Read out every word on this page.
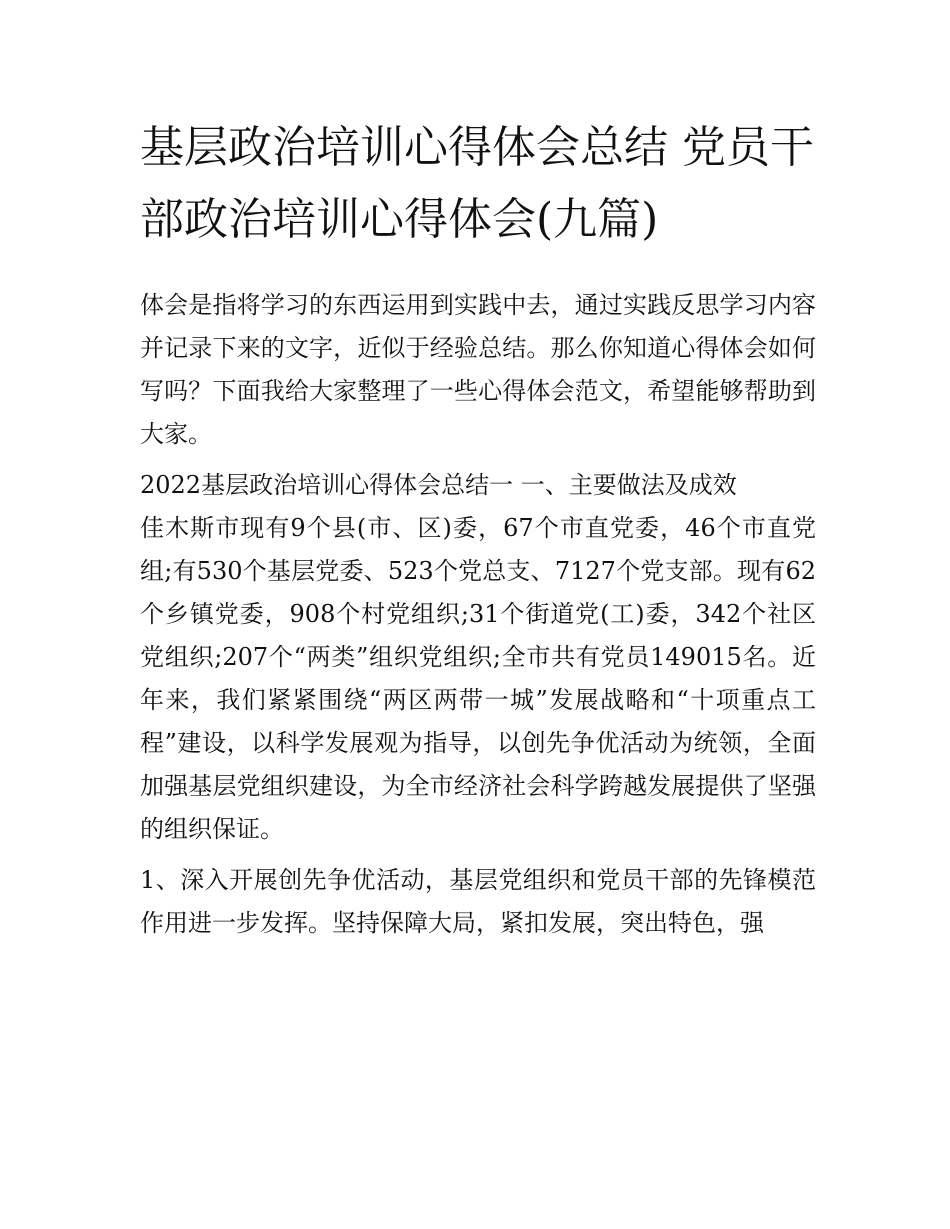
基层政治培训心得体会总结 党员干部政治培训心得体会(九篇)

体会是指将学习的东西运用到实践中去，通过实践反思学习内容并记录下来的文字，近似于经验总结。那么你知道心得体会如何写吗？下面我给大家整理了一些心得体会范文，希望能够帮助到大家。

2022基层政治培训心得体会总结一 一、主要做法及成效

佳木斯市现有9个县(市、区)委，67个市直党委，46个市直党组;有530个基层党委、523个党总支、7127个党支部。现有62个乡镇党委，908个村党组织;31个街道党(工)委，342个社区党组织;207个“两类”组织党组织;全市共有党员149015名。近年来，我们紧紧围绕“两区两带一城”发展战略和“十项重点工程”建设，以科学发展观为指导，以创先争优活动为统领，全面加强基层党组织建设，为全市经济社会科学跨越发展提供了坚强的组织保证。

1、深入开展创先争优活动，基层党组织和党员干部的先锋模范作用进一步发挥。坚持保障大局，紧扣发展，突出特色，强
